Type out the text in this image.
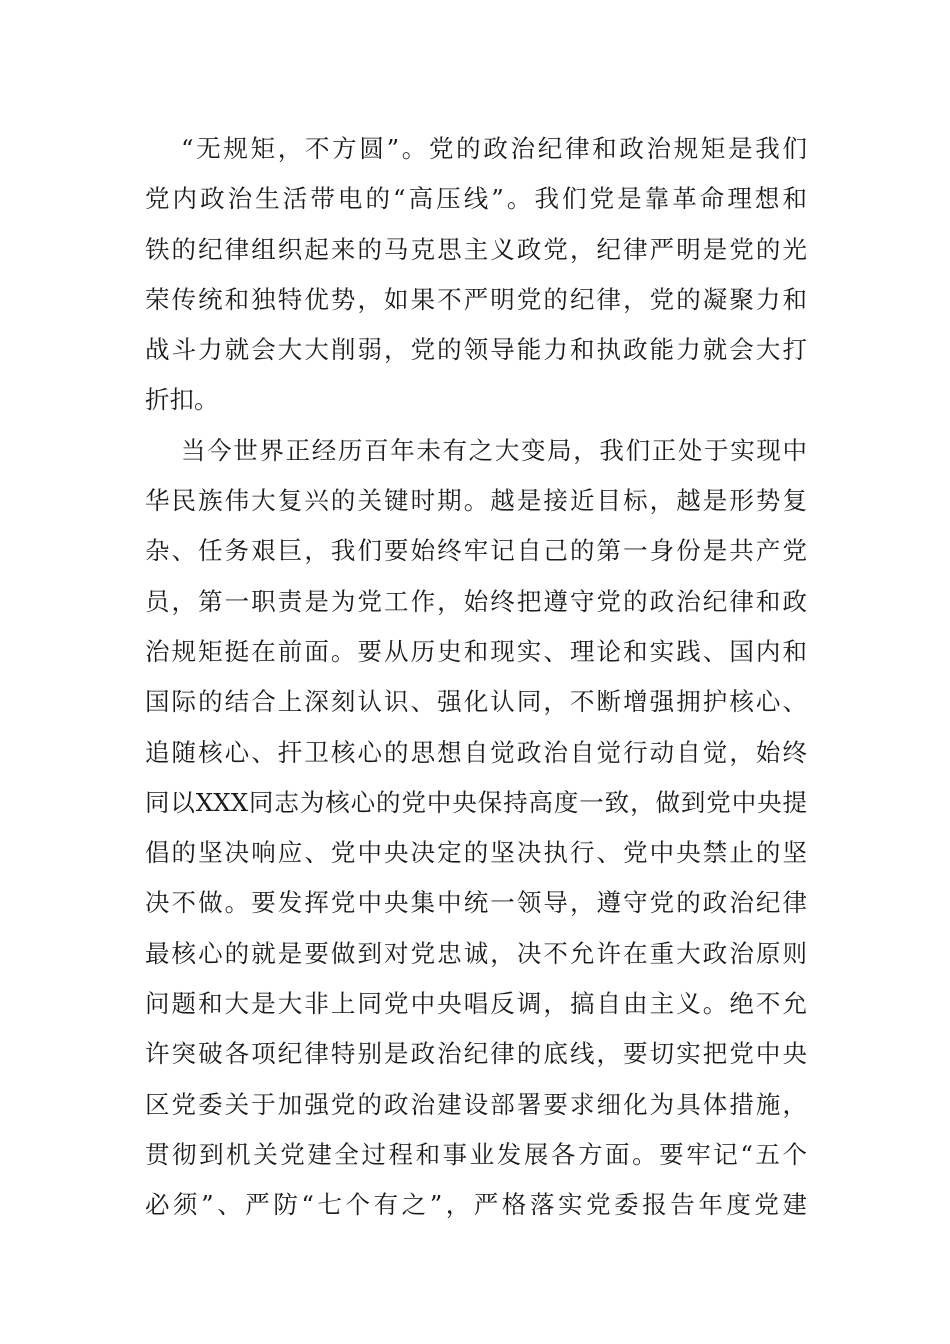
“无规矩，不方圆”。党的政治纪律和政治规矩是我们
党内政治生活带电的“高压线”。我们党是靠革命理想和
铁的纪律组织起来的马克思主义政党，纪律严明是党的光
荣传统和独特优势，如果不严明党的纪律，党的凝聚力和
战斗力就会大大削弱，党的领导能力和执政能力就会大打
折扣。
当今世界正经历百年未有之大变局，我们正处于实现中
华民族伟大复兴的关键时期。越是接近目标，越是形势复
杂、任务艰巨，我们要始终牢记自己的第一身份是共产党
员，第一职责是为党工作，始终把遵守党的政治纪律和政
治规矩挺在前面。要从历史和现实、理论和实践、国内和
国际的结合上深刻认识、强化认同，不断增强拥护核心、
追随核心、扞卫核心的思想自觉政治自觉行动自觉，始终
同以XXX同志为核心的党中央保持高度一致，做到党中央提
倡的坚决响应、党中央决定的坚决执行、党中央禁止的坚
决不做。要发挥党中央集中统一领导，遵守党的政治纪律
最核心的就是要做到对党忠诚，决不允许在重大政治原则
问题和大是大非上同党中央唱反调，搞自由主义。绝不允
许突破各项纪律特别是政治纪律的底线，要切实把党中央
区党委关于加强党的政治建设部署要求细化为具体措施，
贯彻到机关党建全过程和事业发展各方面。要牢记“五个
必须”、严防“七个有之”，严格落实党委报告年度党建
